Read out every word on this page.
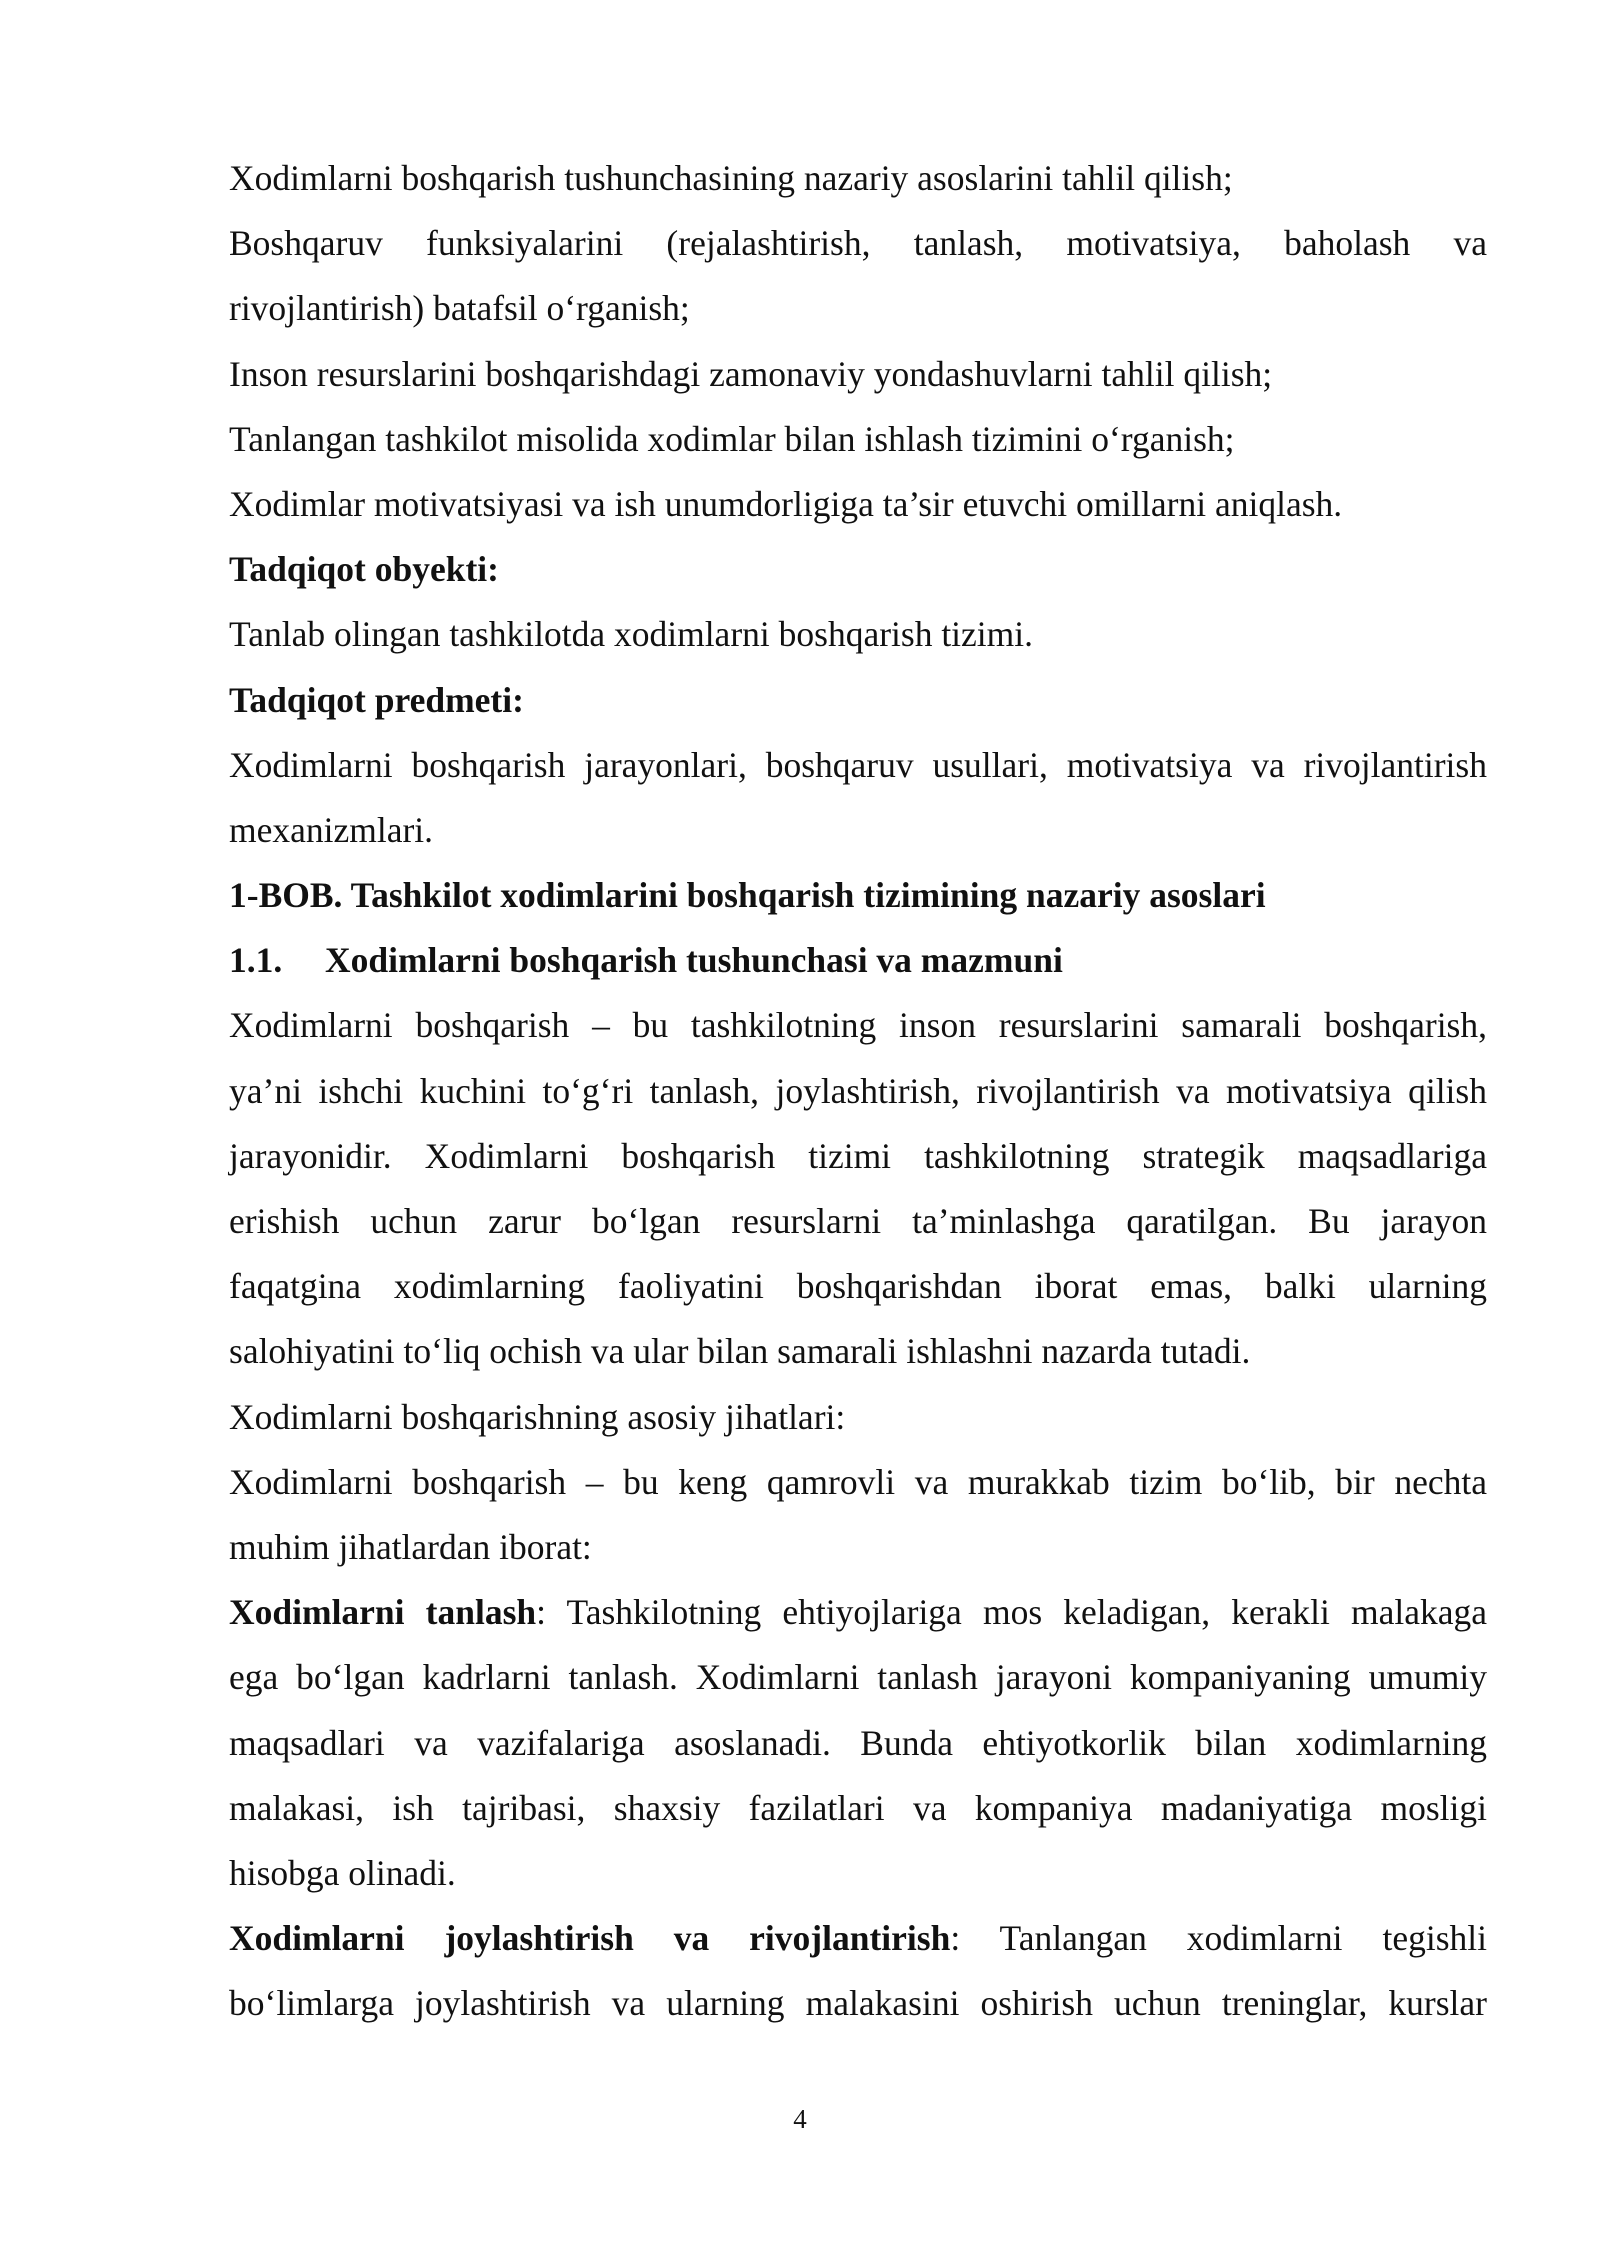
Xodimlarni boshqarish tushunchasining nazariy asoslarini tahlil qilish;
Boshqaruv funksiyalarini (rejalashtirish, tanlash, motivatsiya, baholash va
rivojlantirish) batafsil o‘rganish;
Inson resurslarini boshqarishdagi zamonaviy yondashuvlarni tahlil qilish;
Tanlangan tashkilot misolida xodimlar bilan ishlash tizimini o‘rganish;
Xodimlar motivatsiyasi va ish unumdorligiga ta’sir etuvchi omillarni aniqlash.
Tadqiqot obyekti:
Tanlab olingan tashkilotda xodimlarni boshqarish tizimi.
Tadqiqot predmeti:
Xodimlarni boshqarish jarayonlari, boshqaruv usullari, motivatsiya va rivojlantirish
mexanizmlari.
1-BOB. Tashkilot xodimlarini boshqarish tizimining nazariy asoslari
1.1. Xodimlarni boshqarish tushunchasi va mazmuni
Xodimlarni boshqarish – bu tashkilotning inson resurslarini samarali boshqarish,
ya’ni ishchi kuchini to‘g‘ri tanlash, joylashtirish, rivojlantirish va motivatsiya qilish
jarayonidir. Xodimlarni boshqarish tizimi tashkilotning strategik maqsadlariga
erishish uchun zarur bo‘lgan resurslarni ta’minlashga qaratilgan. Bu jarayon
faqatgina xodimlarning faoliyatini boshqarishdan iborat emas, balki ularning
salohiyatini to‘liq ochish va ular bilan samarali ishlashni nazarda tutadi.
Xodimlarni boshqarishning asosiy jihatlari:
Xodimlarni boshqarish – bu keng qamrovli va murakkab tizim bo‘lib, bir nechta
muhim jihatlardan iborat:
Xodimlarni tanlash: Tashkilotning ehtiyojlariga mos keladigan, kerakli malakaga
ega bo‘lgan kadrlarni tanlash. Xodimlarni tanlash jarayoni kompaniyaning umumiy
maqsadlari va vazifalariga asoslanadi. Bunda ehtiyotkorlik bilan xodimlarning
malakasi, ish tajribasi, shaxsiy fazilatlari va kompaniya madaniyatiga mosligi
hisobga olinadi.
Xodimlarni joylashtirish va rivojlantirish: Tanlangan xodimlarni tegishli
bo‘limlarga joylashtirish va ularning malakasini oshirish uchun treninglar, kurslar
4
